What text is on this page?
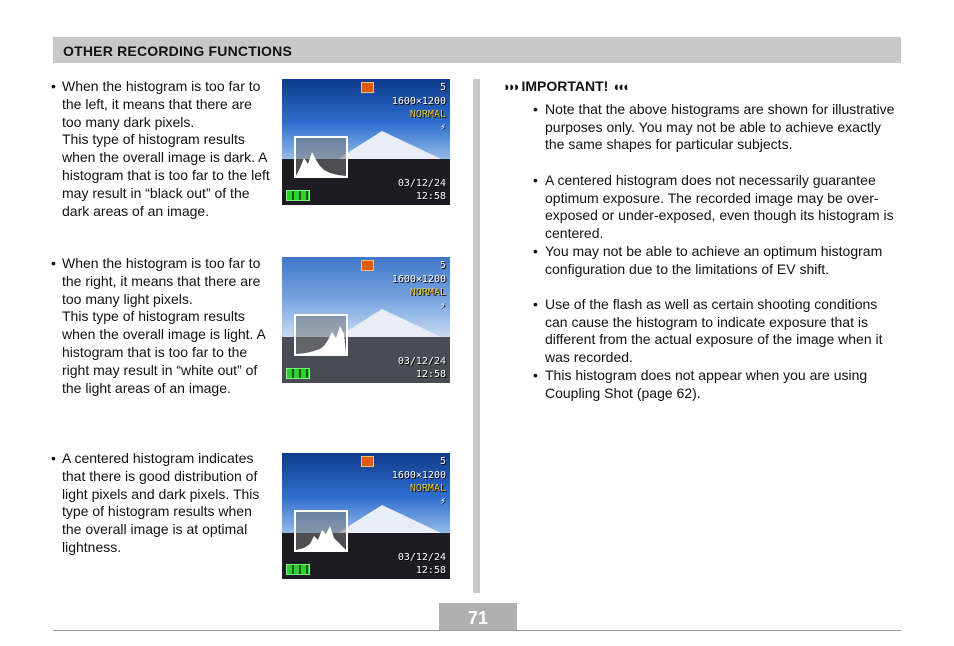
OTHER RECORDING FUNCTIONS
• When the histogram is too far to the left, it means that there are too many dark pixels.
This type of histogram results when the overall image is dark. A histogram that is too far to the left may result in “black out” of the dark areas of an image.
• When the histogram is too far to the right, it means that there are too many light pixels.
This type of histogram results when the overall image is light. A histogram that is too far to the right may result in “white out” of the light areas of an image.
• A centered histogram indicates that there is good distribution of light pixels and dark pixels. This type of histogram results when the overall image is at optimal lightness.
5
1600×1200
NORMAL
⚡
03/12/24
12:58
5
1600×1200
NORMAL
⚡
03/12/24
12:58
5
1600×1200
NORMAL
⚡
03/12/24
12:58
◗◗◗ IMPORTANT! ◖◖◖
• Note that the above histograms are shown for illustrative purposes only. You may not be able to achieve exactly the same shapes for particular subjects.
• A centered histogram does not necessarily guarantee optimum exposure. The recorded image may be over-exposed or under-exposed, even though its histogram is centered.
• You may not be able to achieve an optimum histogram configuration due to the limitations of EV shift.
• Use of the flash as well as certain shooting conditions can cause the histogram to indicate exposure that is different from the actual exposure of the image when it was recorded.
• This histogram does not appear when you are using Coupling Shot (page 62).
71
